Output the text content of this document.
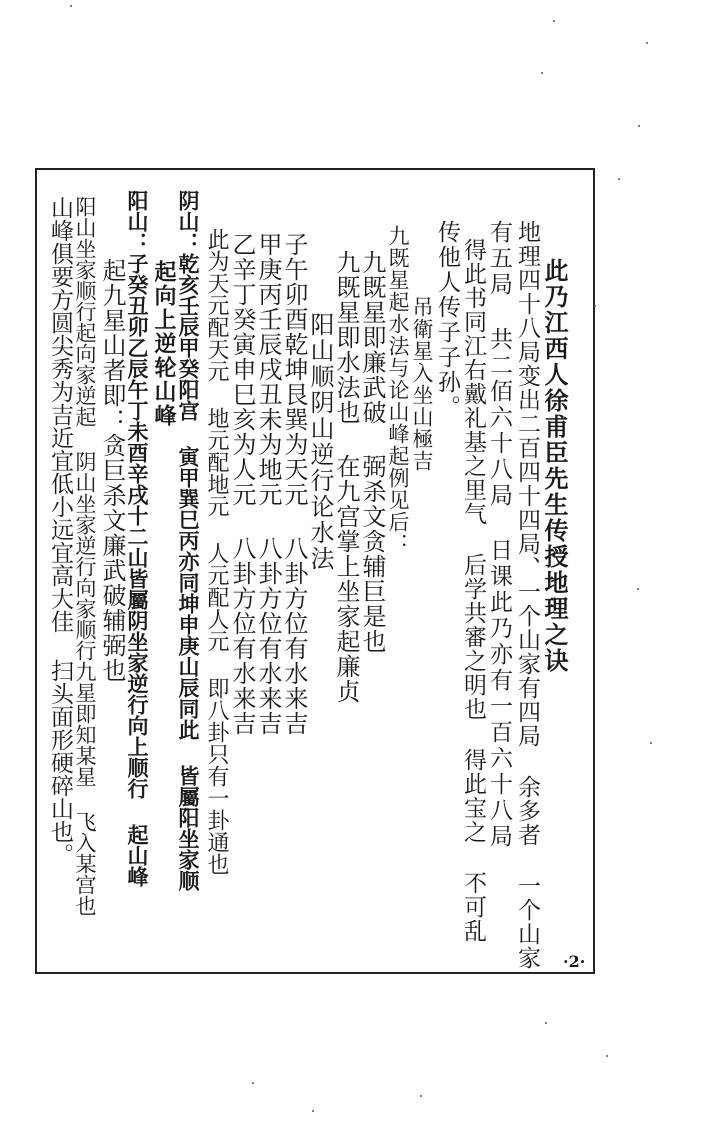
此乃江西人徐甫臣先生传授地理之诀
地理四十八局变出二百四十四局、一个山家有四局 余多者 一个山家
有五局 共二佰六十八局 日课此乃亦有一百六十八局
得此书同江右戴礼基之里气 后学共審之明也 得此宝之 不可乱
传他人传子子孙。
吊衛星入坐山極吉
九既星起水法与论山峰起例见后：
九既星即廉武破 弼杀文贪辅巨是也
九既星即水法也 在九宫掌上坐家起廉贞
阳山顺阴山逆行论水法
子午卯酉乾坤艮巽为天元 八卦方位有水来吉
甲庚丙壬辰戌丑未为地元 八卦方位有水来吉
乙辛丁癸寅申巳亥为人元 八卦方位有水来吉
此为天元配天元 地元配地元 人元配人元 即八卦只有一卦通也
阴山：乾亥壬辰甲癸阳宫 寅甲巽巳丙亦同坤申庚山辰同此 皆屬阳坐家顺
起向上逆轮山峰
阳山：子癸丑卯乙辰午丁未酉辛戌十二山皆屬阴坐家逆行向上顺行 起山峰
起九星山者即：贪巨杀文廉武破辅弼也
阳山坐家顺行起向家逆起 阴山坐家逆行向家顺行九星即知某星 飞入某宫也
山峰俱要方圆尖秀为吉近宜低小远宜高大佳 扫头面形硬碎山也。
·2·
